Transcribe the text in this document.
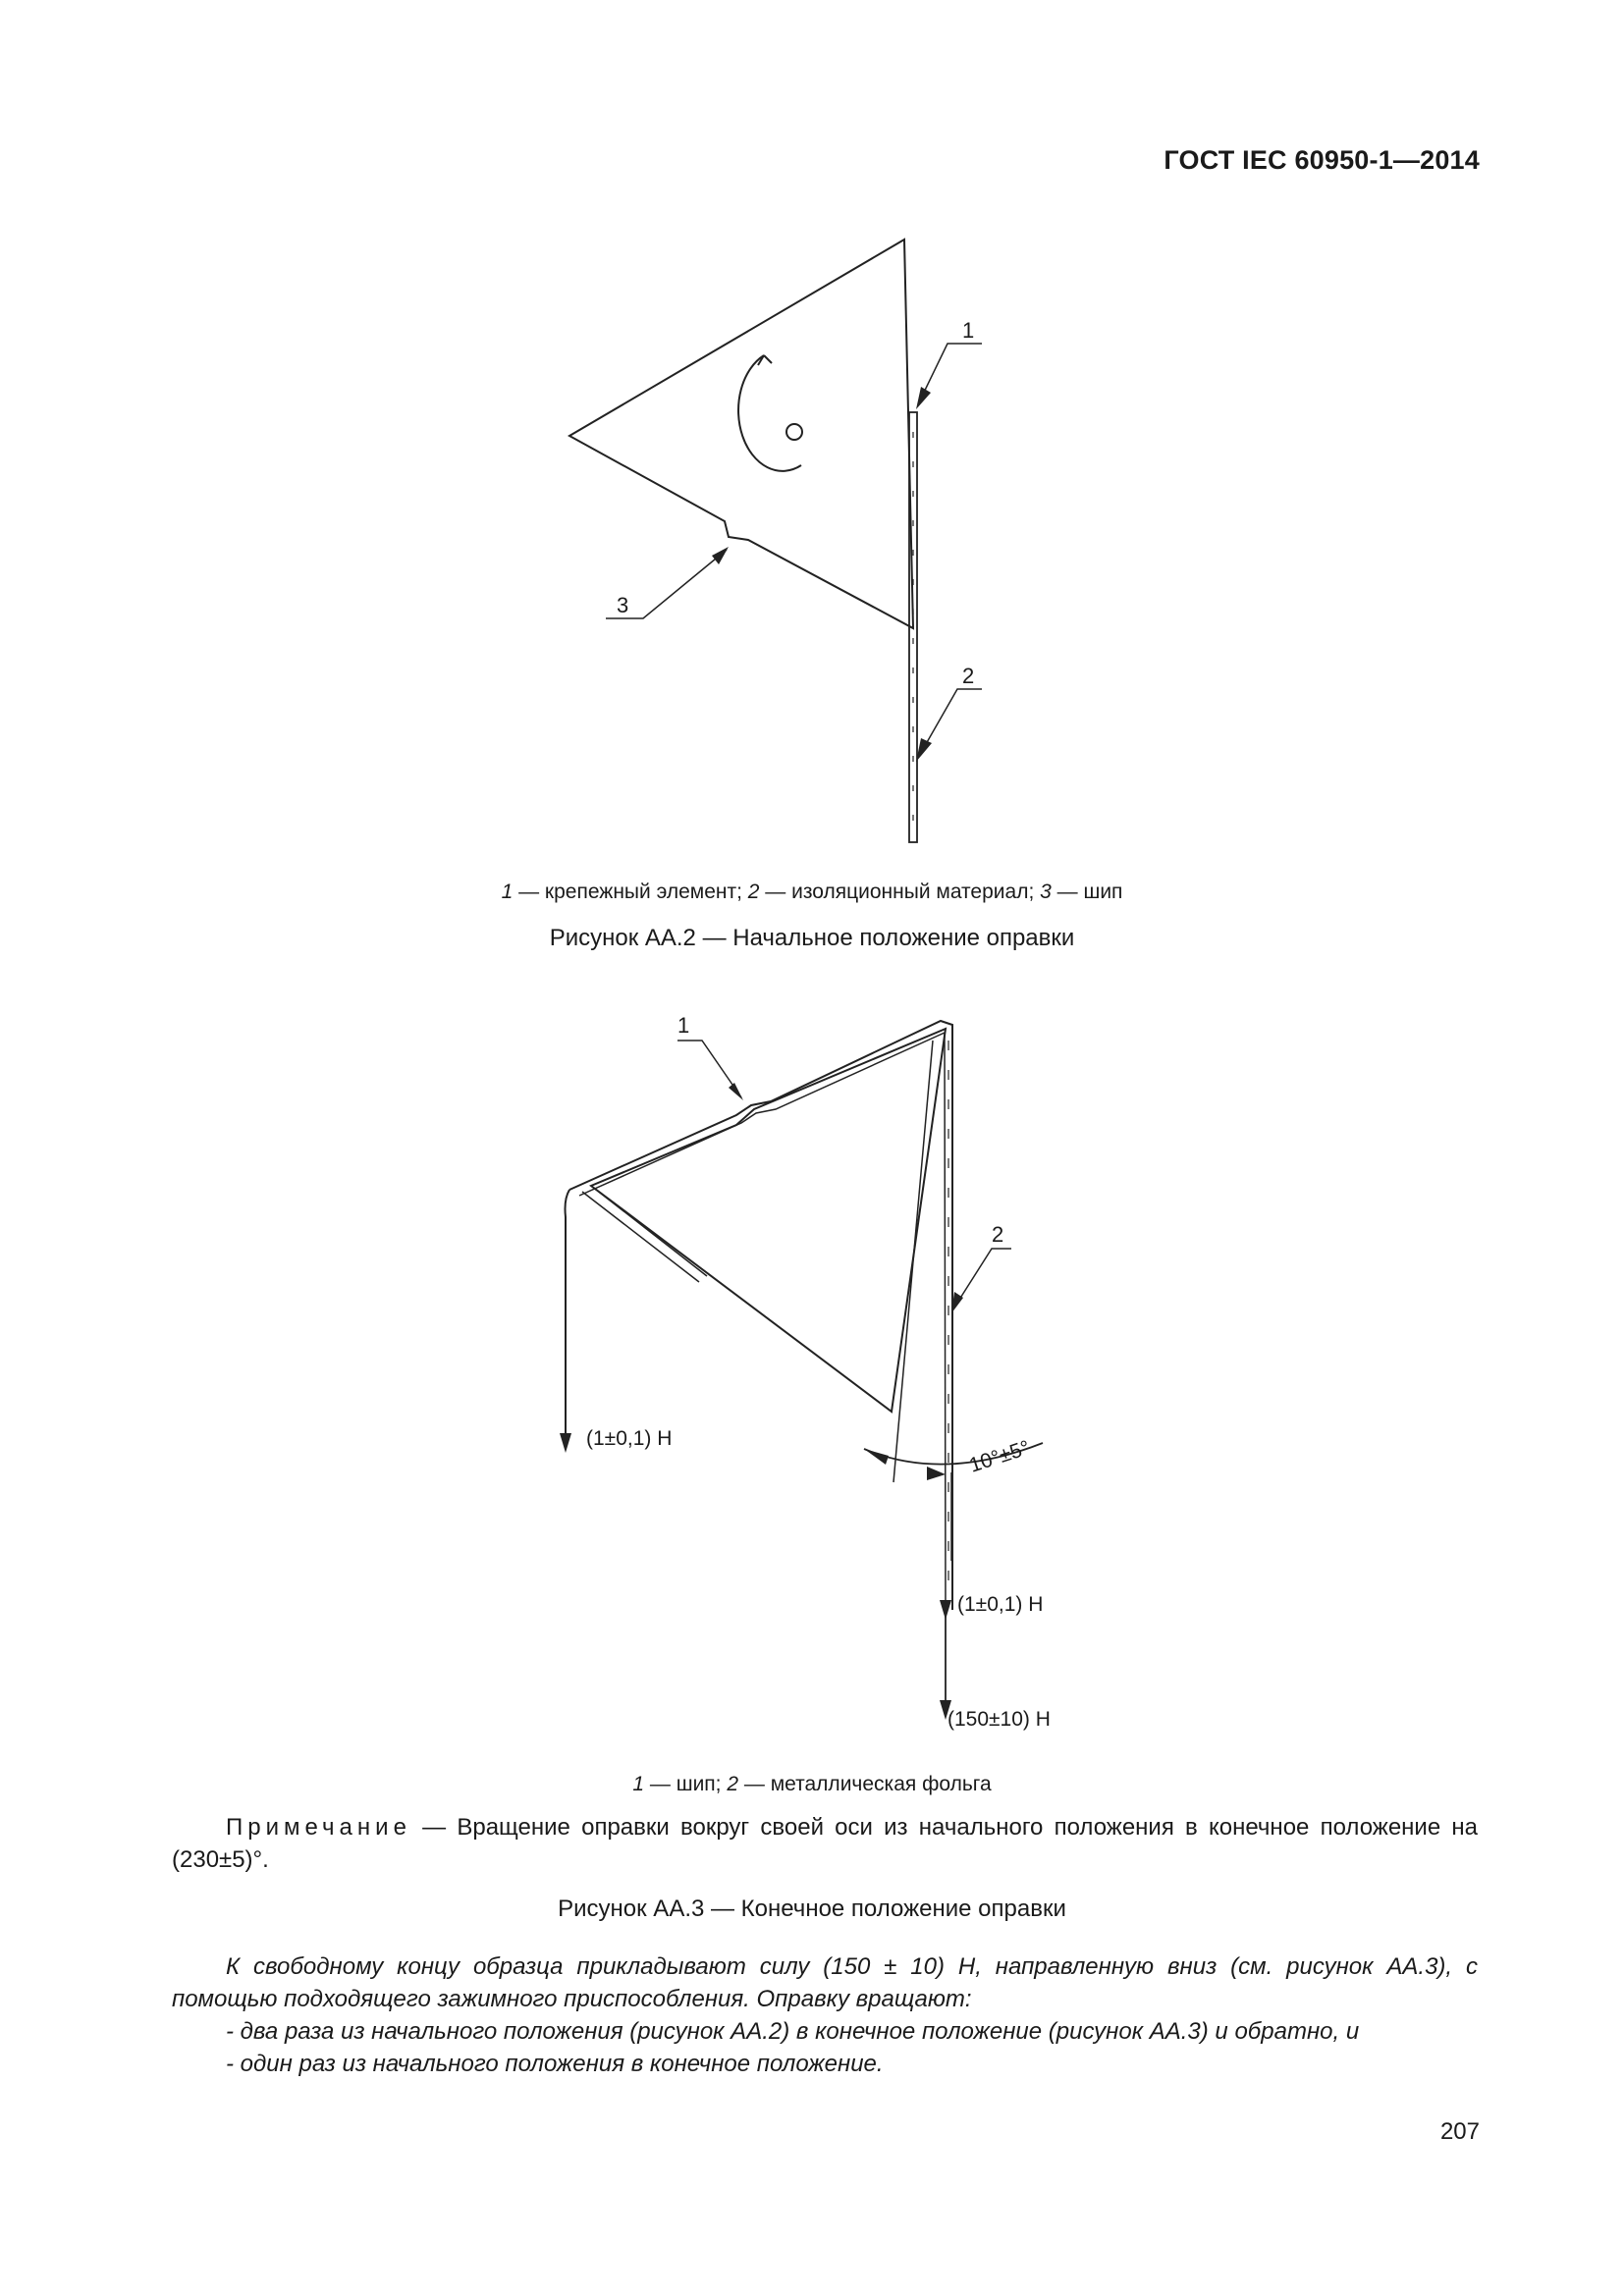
ГОСТ IEC 60950-1—2014
1
2
3
1 — крепежный элемент; 2 — изоляционный материал; 3 — шип
Рисунок АА.2 — Начальное положение оправки
1
2
(1±0,1) Н	10°±5°
(1±0,1) Н
(150±10) Н
1 — шип; 2 — металлическая фольга
Примечание — Вращение оправки вокруг своей оси из начального положения в конечное положение на (230±5)°.
Рисунок АА.3 — Конечное положение оправки

К свободному концу образца прикладывают силу (150 ± 10) Н, направленную вниз (см. рисунок АА.3), с помощью подходящего зажимного приспособления. Оправку вращают:

- два раза из начального положения (рисунок АА.2) в конечное положение (рисунок АА.3) и обратно, и

- один раз из начального положения в конечное положение.

207
